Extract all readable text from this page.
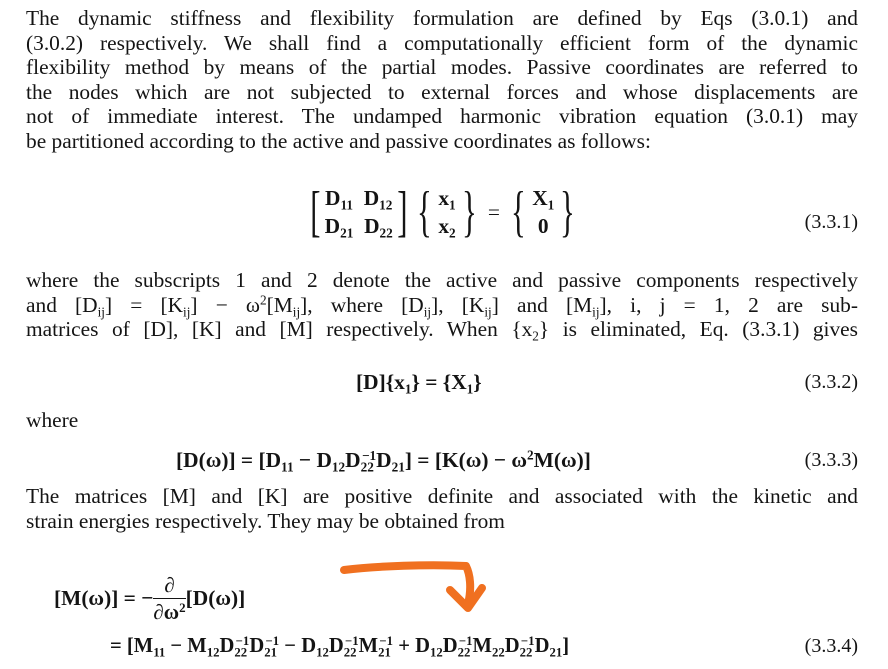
The dynamic stiffness and flexibility formulation are defined by Eqs (3.0.1) and
(3.0.2) respectively. We shall find a computationally efficient form of the dynamic
flexibility method by means of the partial modes. Passive coordinates are referred to
the nodes which are not subjected to external forces and whose displacements are
not of immediate interest. The undamped harmonic vibration equation (3.0.1) may
be partitioned according to the active and passive coordinates as follows:
[ $D_{11}$ $D_{12}$
$D_{21}$ $D_{22}$] { $x_1$
$x_2$ } = { $X_1$
0 }	(3.3.1)
where the subscripts 1 and 2 denote the active and passive components respectively
and $[D_{ij}] = [K_{ij}] - \omega^2[M_{ij}]$, where $[D_{ij}]$, $[K_{ij}]$ and $[M_{ij}]$, i, j = 1, 2 are sub-
matrices of [D], [K] and [M] respectively. When $\{x_2\}$ is eliminated, Eq. (3.3.1) gives
$[D]\{x_1\} = \{X_1\}$	(3.3.2)
where
$[D(\omega)] = [D_{11} - D_{12}D_{22}^{-1}D_{21}] = [K(\omega) - \omega^2M(\omega)]$	(3.3.3)
The matrices [M] and [K] are positive definite and associated with the kinetic and
strain energies respectively. They may be obtained from
[M(ω)] = − $\frac{\partial}{\partial\omega^2} [D(\omega)]$
= $[M_{11} - M_{12}D_{22}^{-1}D_{21}^{-1} - D_{12}D_{22}^{-1}M_{21}^{-1} + D_{12}D_{22}^{-1}M_{22}D_{22}^{-1}D_{21}]$	(3.3.4)
